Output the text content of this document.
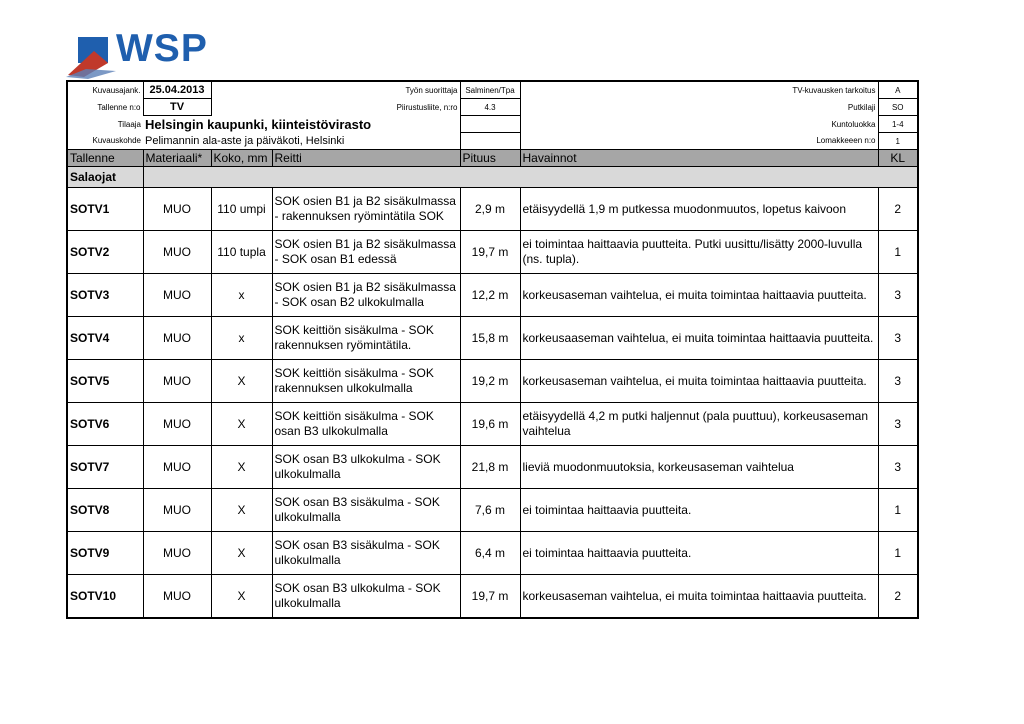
WSP
Kuvausajank.	25.04.2013	Työn suorittaja		Salminen/Tpa	TV-kuvausken tarkoitus	A
Tallenne n:o	TV	Piirustusliite, n:ro		4.3	Putkilaji	SO
Tilaaja	Helsingin kaupunki, kiinteistövirasto				Kuntoluokka	1-4
Kuvauskohde	Pelimannin ala-aste ja päiväkoti, Helsinki				Lomakkeeen n:o	1
Tallenne	Materiaali*	Koko, mm	Reitti	Pituus	Havainnot	KL
Salaojat						
SOTV1	MUO	110 umpi	SOK osien B1 ja B2 sisäkulmassa - rakennuksen ryömintätila SOK	2,9 m	etäisyydellä 1,9 m putkessa muodonmuutos, lopetus kaivoon	2
SOTV2	MUO	110 tupla	SOK osien B1 ja B2 sisäkulmassa - SOK osan B1 edessä	19,7 m	ei toimintaa haittaavia puutteita. Putki uusittu/lisätty 2000-luvulla (ns. tupla).	1
SOTV3	MUO	x	SOK osien B1 ja B2 sisäkulmassa - SOK osan B2 ulkokulmalla	12,2 m	korkeusaseman vaihtelua, ei muita toimintaa haittaavia puutteita.	3
SOTV4	MUO	x	SOK keittiön sisäkulma - SOK rakennuksen ryömintätila.	15,8 m	korkeusaaseman vaihtelua, ei muita toimintaa haittaavia puutteita.	3
SOTV5	MUO	X	SOK keittiön sisäkulma - SOK rakennuksen ulkokulmalla	19,2 m	korkeusaseman vaihtelua, ei muita toimintaa haittaavia puutteita.	3
SOTV6	MUO	X	SOK keittiön sisäkulma - SOK osan B3 ulkokulmalla	19,6 m	etäisyydellä 4,2 m putki haljennut (pala puuttuu), korkeusaseman vaihtelua	3
SOTV7	MUO	X	SOK osan B3 ulkokulma - SOK ulkokulmalla	21,8 m	lieviä muodonmuutoksia, korkeusaseman vaihtelua	3
SOTV8	MUO	X	SOK osan B3 sisäkulma - SOK ulkokulmalla	7,6 m	ei toimintaa haittaavia puutteita.	1
SOTV9	MUO	X	SOK osan B3 sisäkulma - SOK ulkokulmalla	6,4 m	ei toimintaa haittaavia puutteita.	1
SOTV10	MUO	X	SOK osan B3 ulkokulma - SOK ulkokulmalla	19,7 m	korkeusaseman vaihtelua, ei muita toimintaa haittaavia puutteita.	2
